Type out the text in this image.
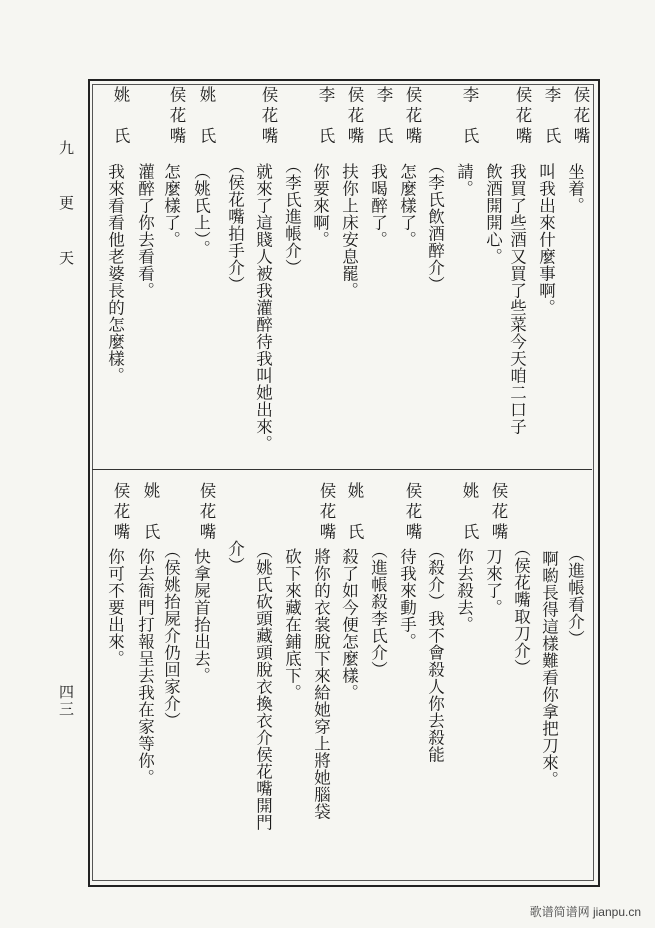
九更天
四三
侯花嘴
坐着。
李　氏
叫我出來什麼事啊。
侯花嘴
我買了些酒又買了些菜今天咱二口子
飲酒開開心。
李　氏
請。
（李氏飲酒醉介）
侯花嘴
怎麼樣了。
李　氏
我喝醉了。
侯花嘴
扶你上床安息罷。
李　氏
你要來啊。
（李氏進帳介）
侯花嘴
就來了這賤人被我灌醉待我叫她出來。
（侯花嘴拍手介）
姚　氏
（姚氏上）。
侯花嘴
怎麼樣了。
灌醉了你去看看。
姚　氏
我來看看他老婆長的怎麼樣。
（進帳看介）
啊喲長得這樣難看你拿把刀來。
（侯花嘴取刀介）
侯花嘴
刀來了。
姚　氏
你去殺去。
（殺介）我不會殺人你去殺能
侯花嘴
待我來動手。
（進帳殺李氏介）
姚　氏
殺了如今便怎麼樣。
侯花嘴
將你的衣裳脫下來給她穿上將她腦袋
砍下來藏在鋪底下。
（姚氏砍頭藏頭脫衣換衣介侯花嘴開門
介）
侯花嘴
快拿屍首抬出去。
（侯姚抬屍介仍回家介）
姚　氏
你去衙門打報呈去我在家等你。
侯花嘴
你可不要出來。
歌谱简谱网 jianpu.cn
